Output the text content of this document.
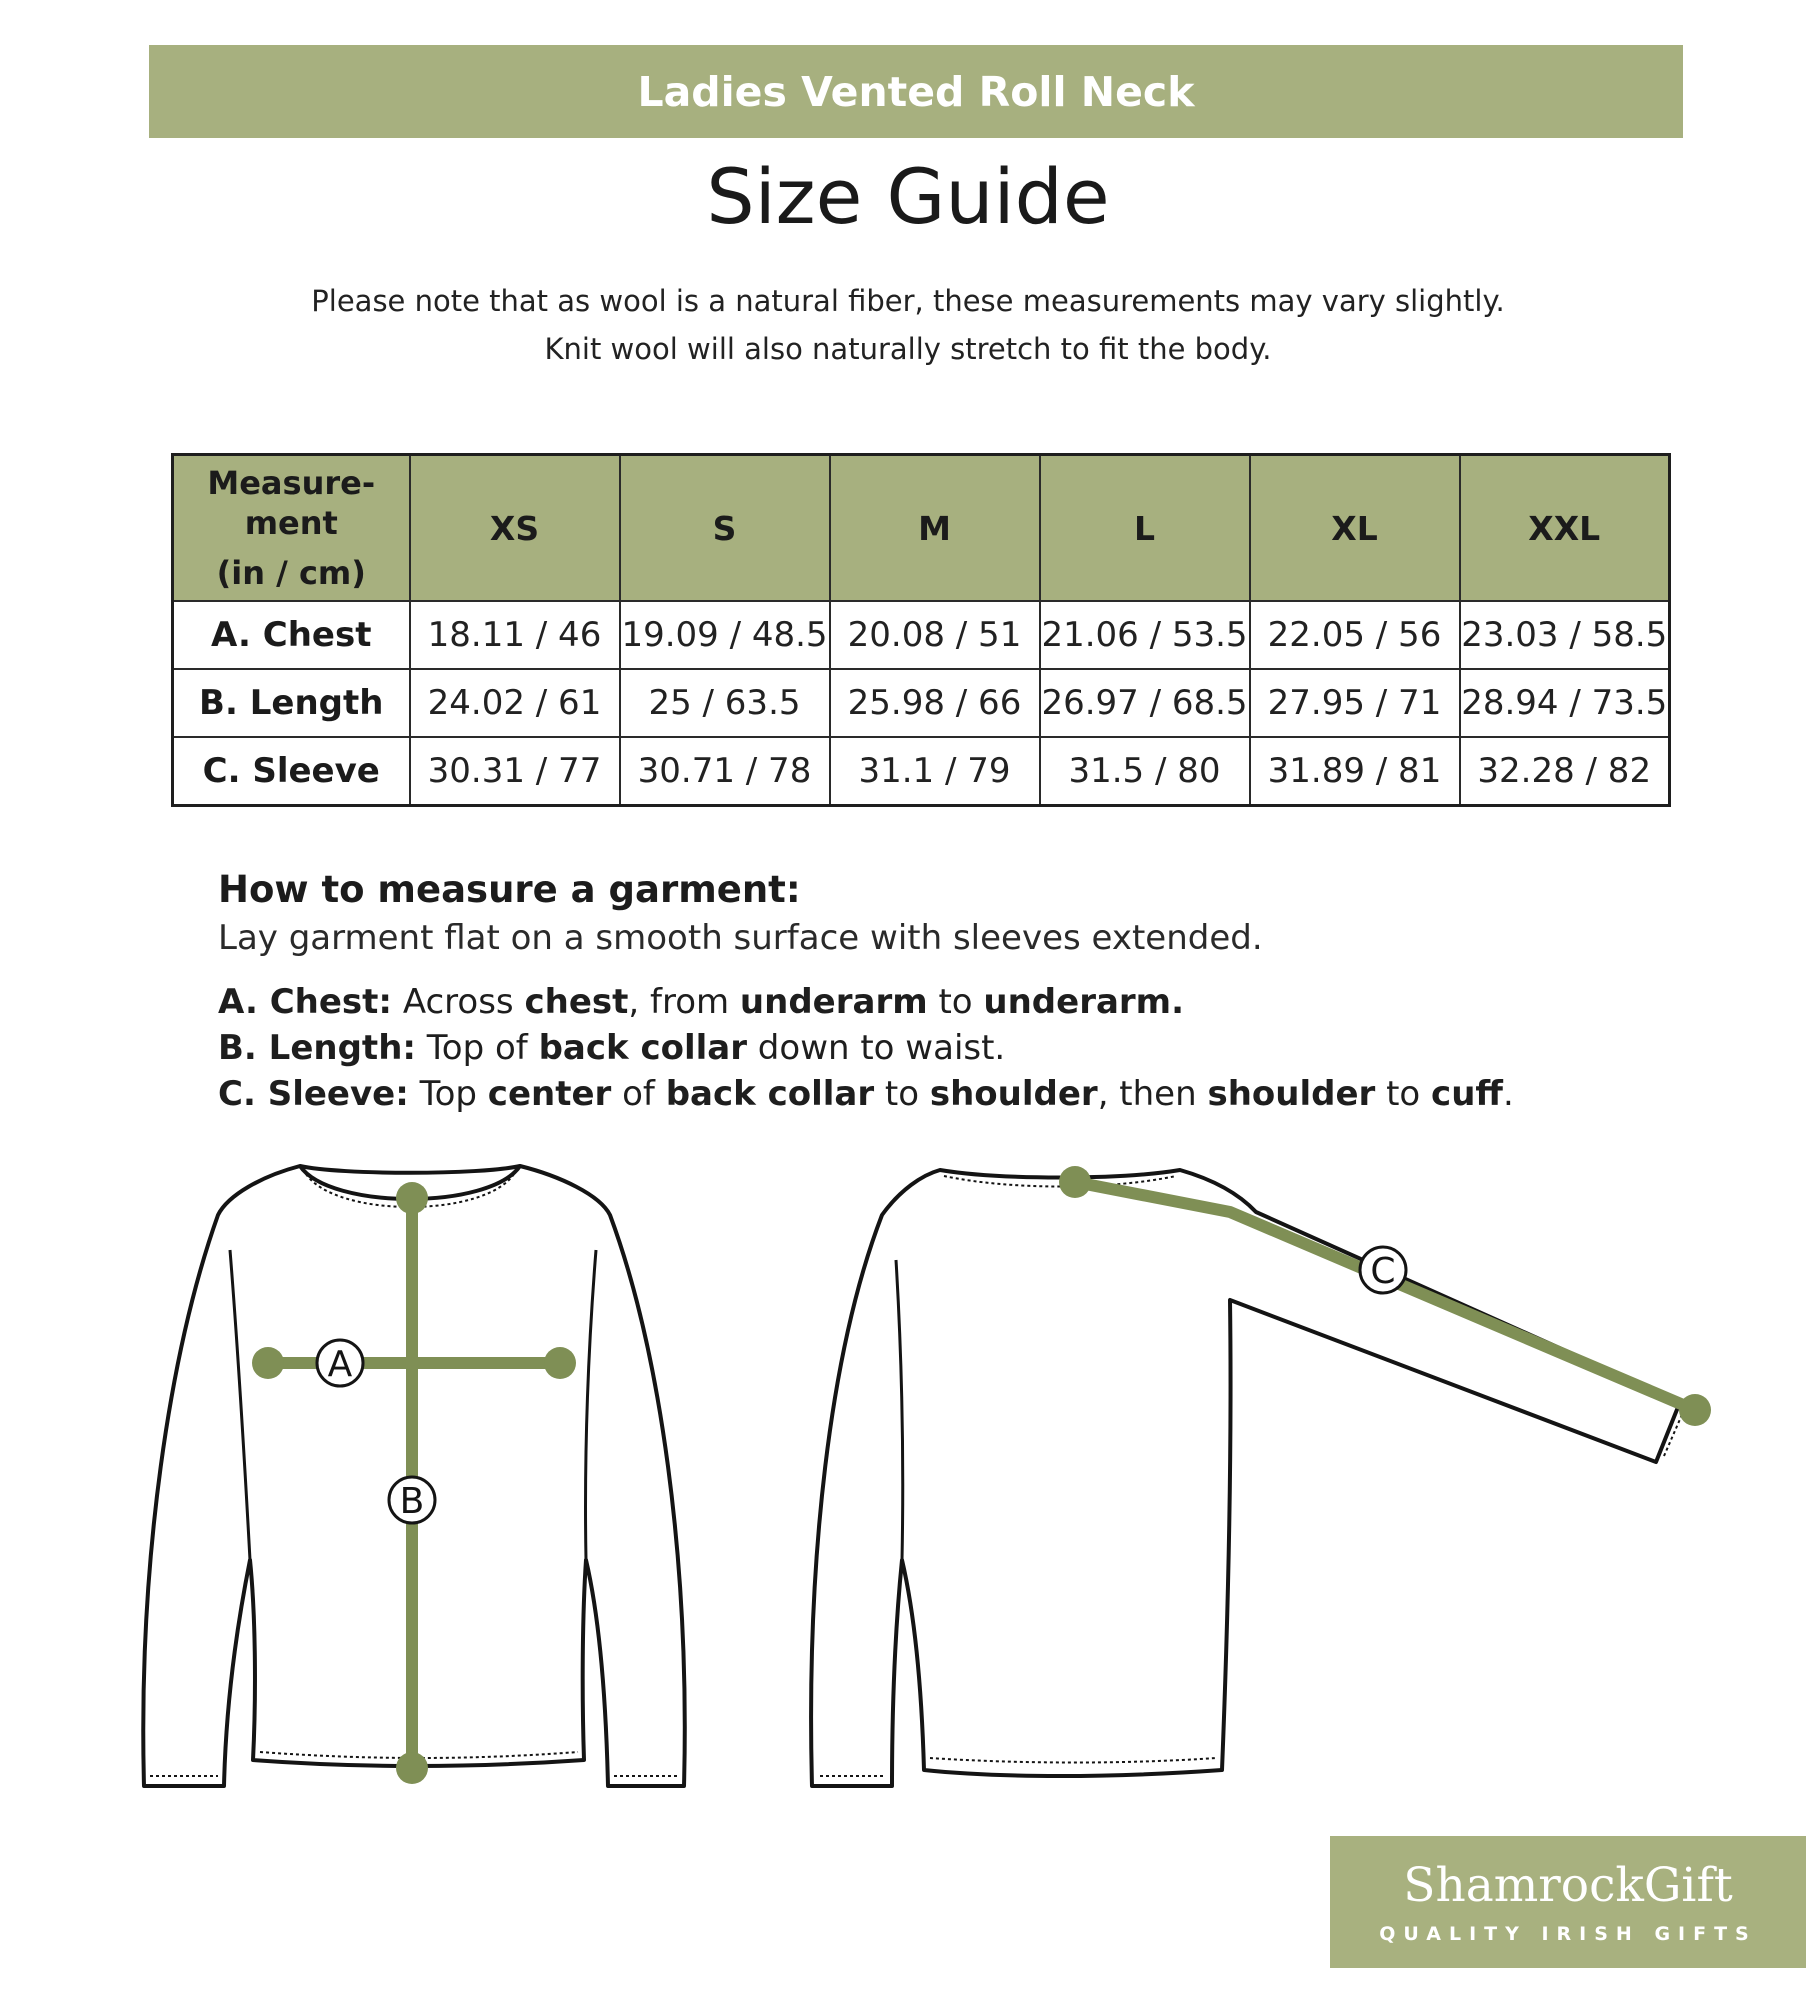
Ladies Vented Roll Neck
Size Guide
Please note that as wool is a natural fiber, these measurements may vary slightly.
Knit wool will also naturally stretch to fit the body.
Measure-
ment
(in / cm)	XS	S	M	L	XL	XXL
A. Chest	18.11 / 46	19.09 / 48.5	20.08 / 51	21.06 / 53.5	22.05 / 56	23.03 / 58.5
B. Length	24.02 / 61	25 / 63.5	25.98 / 66	26.97 / 68.5	27.95 / 71	28.94 / 73.5
C. Sleeve	30.31 / 77	30.71 / 78	31.1 / 79	31.5 / 80	31.89 / 81	32.28 / 82
How to measure a garment:
Lay garment flat on a smooth surface with sleeves extended.
A. Chest: Across chest, from underarm to underarm.
B. Length: Top of back collar down to waist.
C. Sleeve: Top center of back collar to shoulder, then shoulder to cuff.
A
B
C
ShamrockGift
QUALITY IRISH GIFTS
